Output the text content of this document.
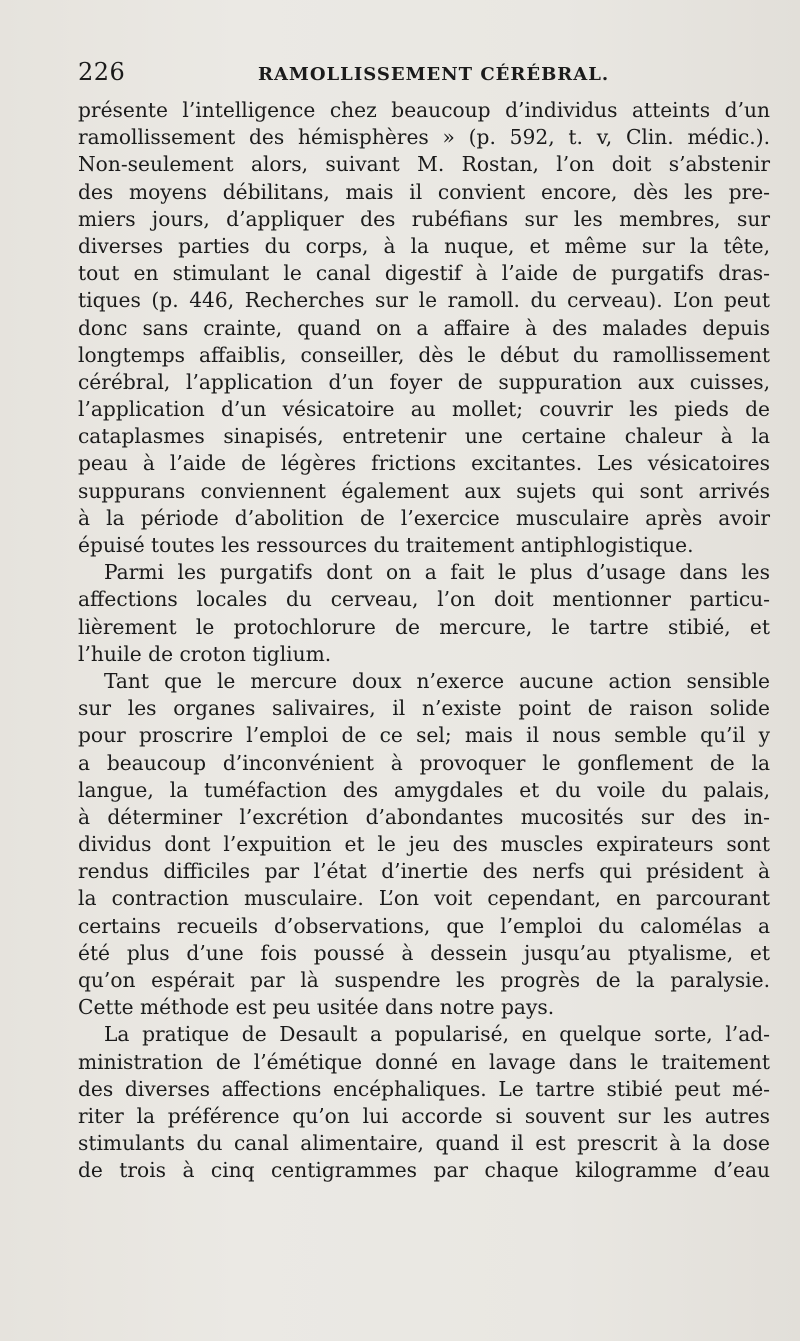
226	RAMOLLISSEMENT CÉRÉBRAL.
présente l’intelligence chez beaucoup d’individus atteints d’un
ramollissement des hémisphères » (p. 592, t. v, Clin. médic.).
Non-seulement alors, suivant M. Rostan, l’on doit s’abstenir
des moyens débilitans, mais il convient encore, dès les pre-
miers jours, d’appliquer des rubéfians sur les membres, sur
diverses parties du corps, à la nuque, et même sur la tête,
tout en stimulant le canal digestif à l’aide de purgatifs dras-
tiques (p. 446, Recherches sur le ramoll. du cerveau). L’on peut
donc sans crainte, quand on a affaire à des malades depuis
longtemps affaiblis, conseiller, dès le début du ramollissement
cérébral, l’application d’un foyer de suppuration aux cuisses,
l’application d’un vésicatoire au mollet; couvrir les pieds de
cataplasmes sinapisés, entretenir une certaine chaleur à la
peau à l’aide de légères frictions excitantes. Les vésicatoires
suppurans conviennent également aux sujets qui sont arrivés
à la période d’abolition de l’exercice musculaire après avoir
épuisé toutes les ressources du traitement antiphlogistique.
Parmi les purgatifs dont on a fait le plus d’usage dans les
affections locales du cerveau, l’on doit mentionner particu-
lièrement le protochlorure de mercure, le tartre stibié, et
l’huile de croton tiglium.
Tant que le mercure doux n’exerce aucune action sensible
sur les organes salivaires, il n’existe point de raison solide
pour proscrire l’emploi de ce sel; mais il nous semble qu’il y
a beaucoup d’inconvénient à provoquer le gonflement de la
langue, la tuméfaction des amygdales et du voile du palais,
à déterminer l’excrétion d’abondantes mucosités sur des in-
dividus dont l’expuition et le jeu des muscles expirateurs sont
rendus difficiles par l’état d’inertie des nerfs qui président à
la contraction musculaire. L’on voit cependant, en parcourant
certains recueils d’observations, que l’emploi du calomélas a
été plus d’une fois poussé à dessein jusqu’au ptyalisme, et
qu’on espérait par là suspendre les progrès de la paralysie.
Cette méthode est peu usitée dans notre pays.
La pratique de Desault a popularisé, en quelque sorte, l’ad-
ministration de l’émétique donné en lavage dans le traitement
des diverses affections encéphaliques. Le tartre stibié peut mé-
riter la préférence qu’on lui accorde si souvent sur les autres
stimulants du canal alimentaire, quand il est prescrit à la dose
de trois à cinq centigrammes par chaque kilogramme d’eau
